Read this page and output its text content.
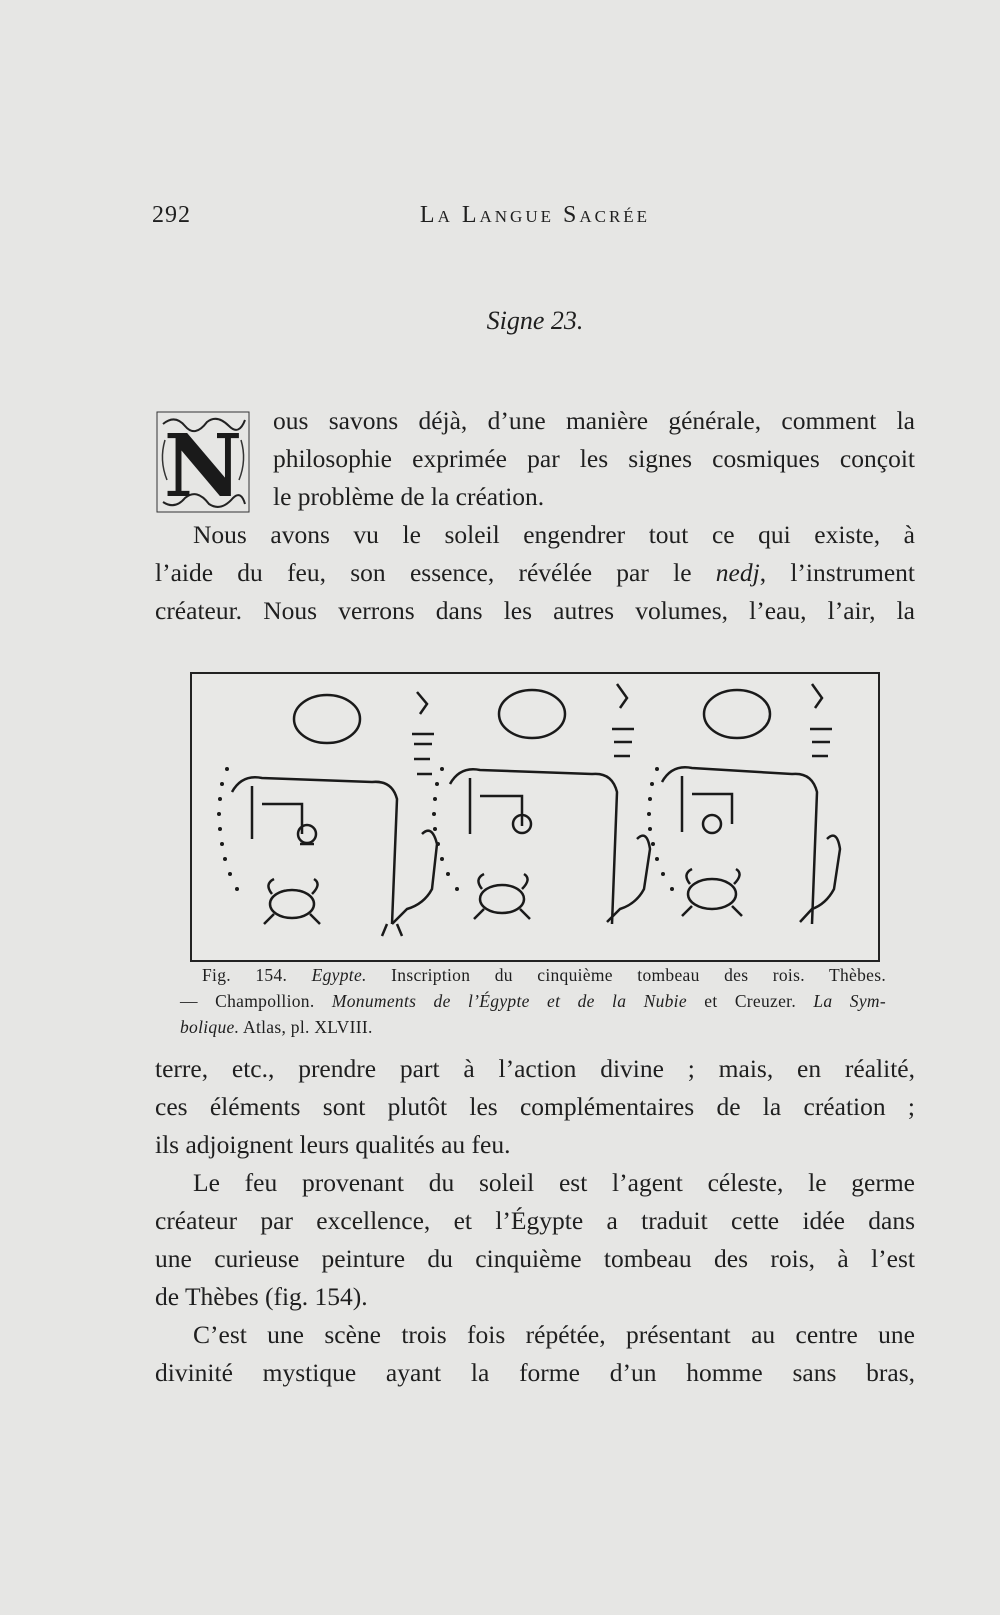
292	La Langue Sacrée
Signe 23.
N ous savons déjà, d’une manière générale, comment la
philosophie exprimée par les signes cosmiques conçoit
le problème de la création.
Nous avons vu le soleil engendrer tout ce qui existe, à
l’aide du feu, son essence, révélée par le nedj, l’instrument
créateur. Nous verrons dans les autres volumes, l’eau, l’air, la
Fig. 154. Egypte. Inscription du cinquième tombeau des rois. Thèbes.
— Champollion. Monuments de l’Égypte et de la Nubie et Creuzer. La Sym-
bolique. Atlas, pl. XLVIII.
terre, etc., prendre part à l’action divine ; mais, en réalité,
ces éléments sont plutôt les complémentaires de la création ;
ils adjoignent leurs qualités au feu.
Le feu provenant du soleil est l’agent céleste, le germe
créateur par excellence, et l’Égypte a traduit cette idée dans
une curieuse peinture du cinquième tombeau des rois, à l’est
de Thèbes (fig. 154).
C’est une scène trois fois répétée, présentant au centre une
divinité mystique ayant la forme d’un homme sans bras,
